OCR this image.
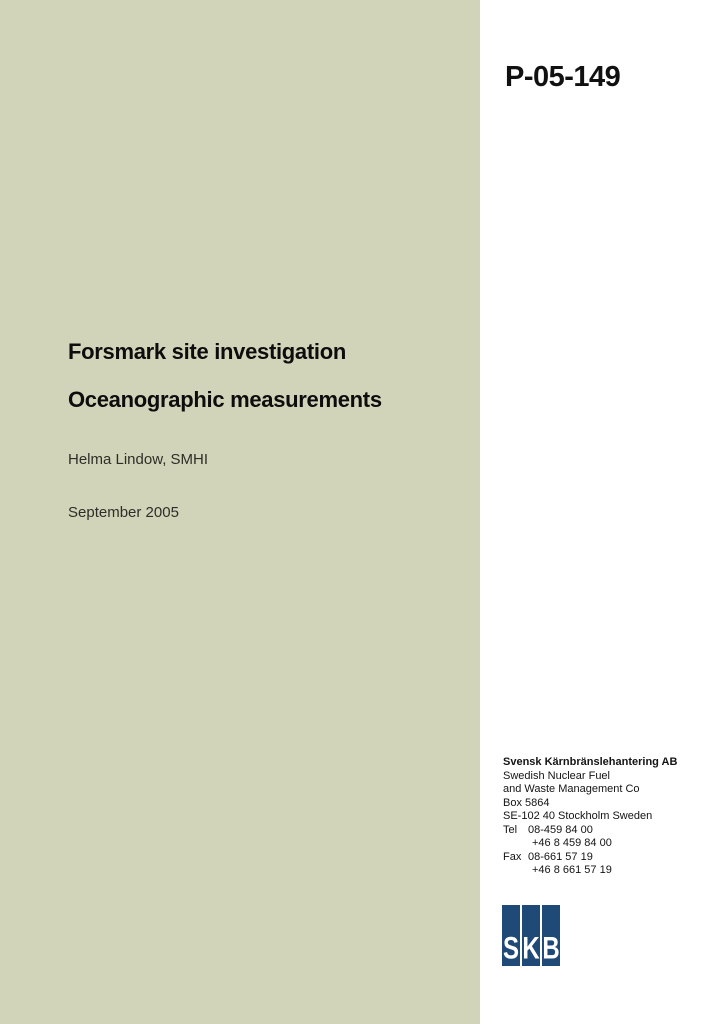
P-05-149
Forsmark site investigation
Oceanographic measurements
Helma Lindow, SMHI
September 2005
Svensk Kärnbränslehantering AB
Swedish Nuclear Fuel
and Waste Management Co
Box 5864
SE-102 40 Stockholm Sweden
Tel 08-459 84 00
+46 8 459 84 00
Fax 08-661 57 19
+46 8 661 57 19
S K B
